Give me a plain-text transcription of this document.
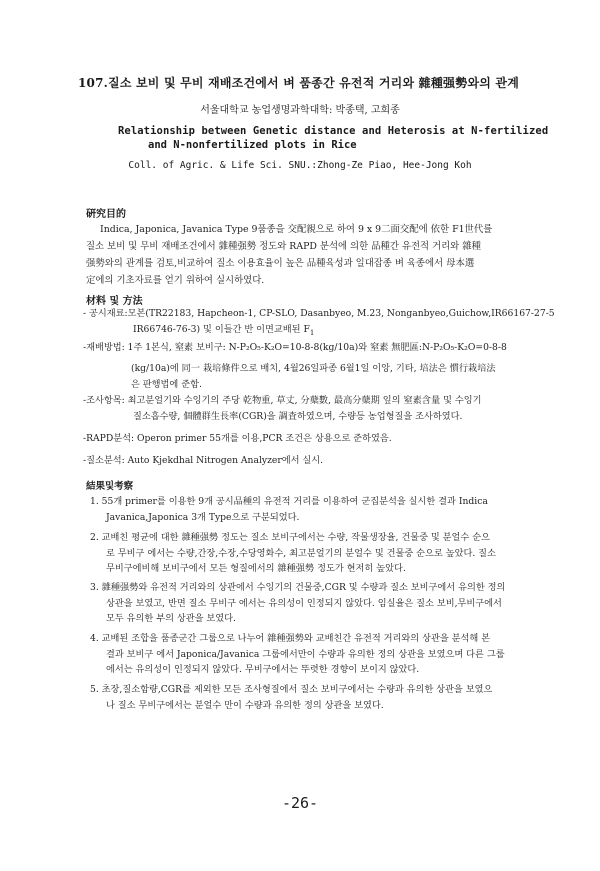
107.질소 보비 및 무비 재배조건에서 벼 품종간 유전적 거리와 雜種强勢와의 관계
서울대학교 농업생명과학대학: 박종택, 고희종
Relationship between Genetic distance and Heterosis at N-fertilized
and N-nonfertilized plots in Rice
Coll. of Agric. & Life Sci. SNU.:Zhong-Ze Piao, Hee-Jong Koh
硏究目的
Indica, Japonica, Javanica Type 9품종을 交配親으로 하여 9 x 9二面交配에 依한 F1世代를
질소 보비 및 무비 재배조건에서 雜種强勢 정도와 RAPD 분석에 의한 品種간 유전적 거리와 雜種
强勢와의 관계를 검토,비교하여 질소 이용효율이 높은 品種육성과 일대잡종 벼 육종에서 母本選
定에의 기초자료를 얻기 위하여 실시하였다.
材料 및 方法
- 공시재료:모본(TR22183, Hapcheon-1, CP-SLO, Dasanbyeo, M.23, Nonganbyeo,Guichow,IR66167-27-5
IR66746-76-3) 및 이들간 반 이면교배된 $F_1$
-재배방법: 1주 1본식, 窒素 보비구: N-P₂O₅-K₂O=10-8-8(kg/10a)와 窒素 無肥區:N-P₂O₅-K₂O=0-8-8
(kg/10a)에 同一 栽培條件으로 배치, 4월26일파종 6월1일 이앙, 기타, 培法은 慣行栽培法
은 판행법에 준함.
-조사항목: 최고분얼기와 수잉기의 주당 乾物重, 草丈, 分蘖數, 最高分蘖期 잎의 窒素含量 및 수잉기
질소흡수량, 個體群生長率(CGR)을 調査하였으며, 수량등 농업형질을 조사하였다.
-RAPD분석: Operon primer 55개를 이용,PCR 조건은 상용으로 준하였음.
-질소분석: Auto Kjekdhal Nitrogen Analyzer에서 실시.
結果및考察
1. 55개 primer를 이용한 9개 공시品種의 유전적 거리를 이용하여 군집분석을 실시한 결과 Indica
Javanica,Japonica 3개 Type으로 구분되었다.
2. 교배친 평균에 대한 雜種强勢 정도는 질소 보비구에서는 수량, 작물생장율, 건물중 및 분얼수 순으
로 무비구 에서는 수량,간장,수장,수당영화수, 최고분얼기의 분얼수 및 건물중 순으로 높았다. 질소
무비구에비해 보비구에서 모든 형질에서의 雜種强勢 정도가 현저히 높았다.
3. 雜種强勢와 유전적 거리와의 상관에서 수잉기의 건물중,CGR 및 수량과 질소 보비구에서 유의한 정의
상관을 보였고, 반면 질소 무비구 에서는 유의성이 인정되지 않았다. 임실율은 질소 보비,무비구에서
모두 유의한 부의 상관을 보였다.
4. 교배된 조합을 품종군간 그룹으로 나누어 雜種强勢와 교배친간 유전적 거리와의 상관을 분석해 본
결과 보비구 에서 Japonica/Javanica 그룹에서만이 수량과 유의한 정의 상관을 보였으며 다른 그룹
에서는 유의성이 인정되지 않았다. 무비구에서는 뚜렷한 경향이 보이지 않았다.
5. 초장,질소함량,CGR를 제외한 모든 조사형질에서 질소 보비구에서는 수량과 유의한 상관을 보였으
나 질소 무비구에서는 분얼수 만이 수량과 유의한 정의 상관을 보였다.
-26-
